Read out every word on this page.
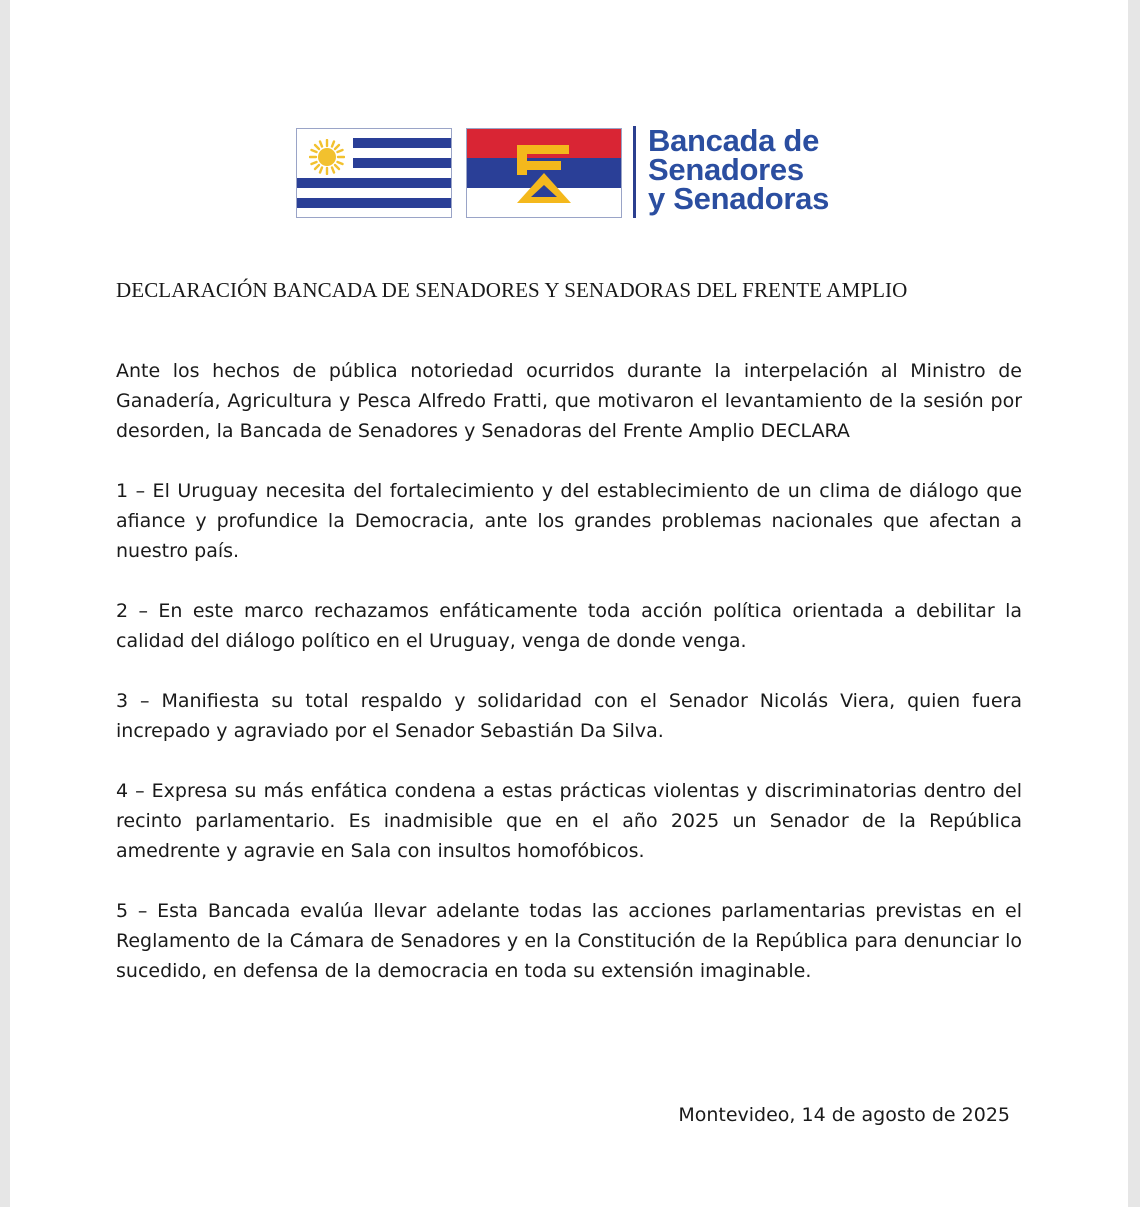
Bancada de
Senadores
y Senadoras
DECLARACIÓN BANCADA DE SENADORES Y SENADORAS DEL FRENTE AMPLIO

Ante los hechos de pública notoriedad ocurridos durante la interpelación al Ministro de Ganadería, Agricultura y Pesca Alfredo Fratti, que motivaron el levantamiento de la sesión por desorden, la Bancada de Senadores y Senadoras del Frente Amplio DECLARA

1 – El Uruguay necesita del fortalecimiento y del establecimiento de un clima de diálogo que afiance y profundice la Democracia, ante los grandes problemas nacionales que afectan a nuestro país.

2 – En este marco rechazamos enfáticamente toda acción política orientada a debilitar la calidad del diálogo político en el Uruguay, venga de donde venga.

3 – Manifiesta su total respaldo y solidaridad con el Senador Nicolás Viera, quien fuera increpado y agraviado por el Senador Sebastián Da Silva.

4 – Expresa su más enfática condena a estas prácticas violentas y discriminatorias dentro del recinto parlamentario. Es inadmisible que en el año 2025 un Senador de la República amedrente y agravie en Sala con insultos homofóbicos.

5 – Esta Bancada evalúa llevar adelante todas las acciones parlamentarias previstas en el Reglamento de la Cámara de Senadores y en la Constitución de la República para denunciar lo sucedido, en defensa de la democracia en toda su extensión imaginable.

Montevideo, 14 de agosto de 2025
